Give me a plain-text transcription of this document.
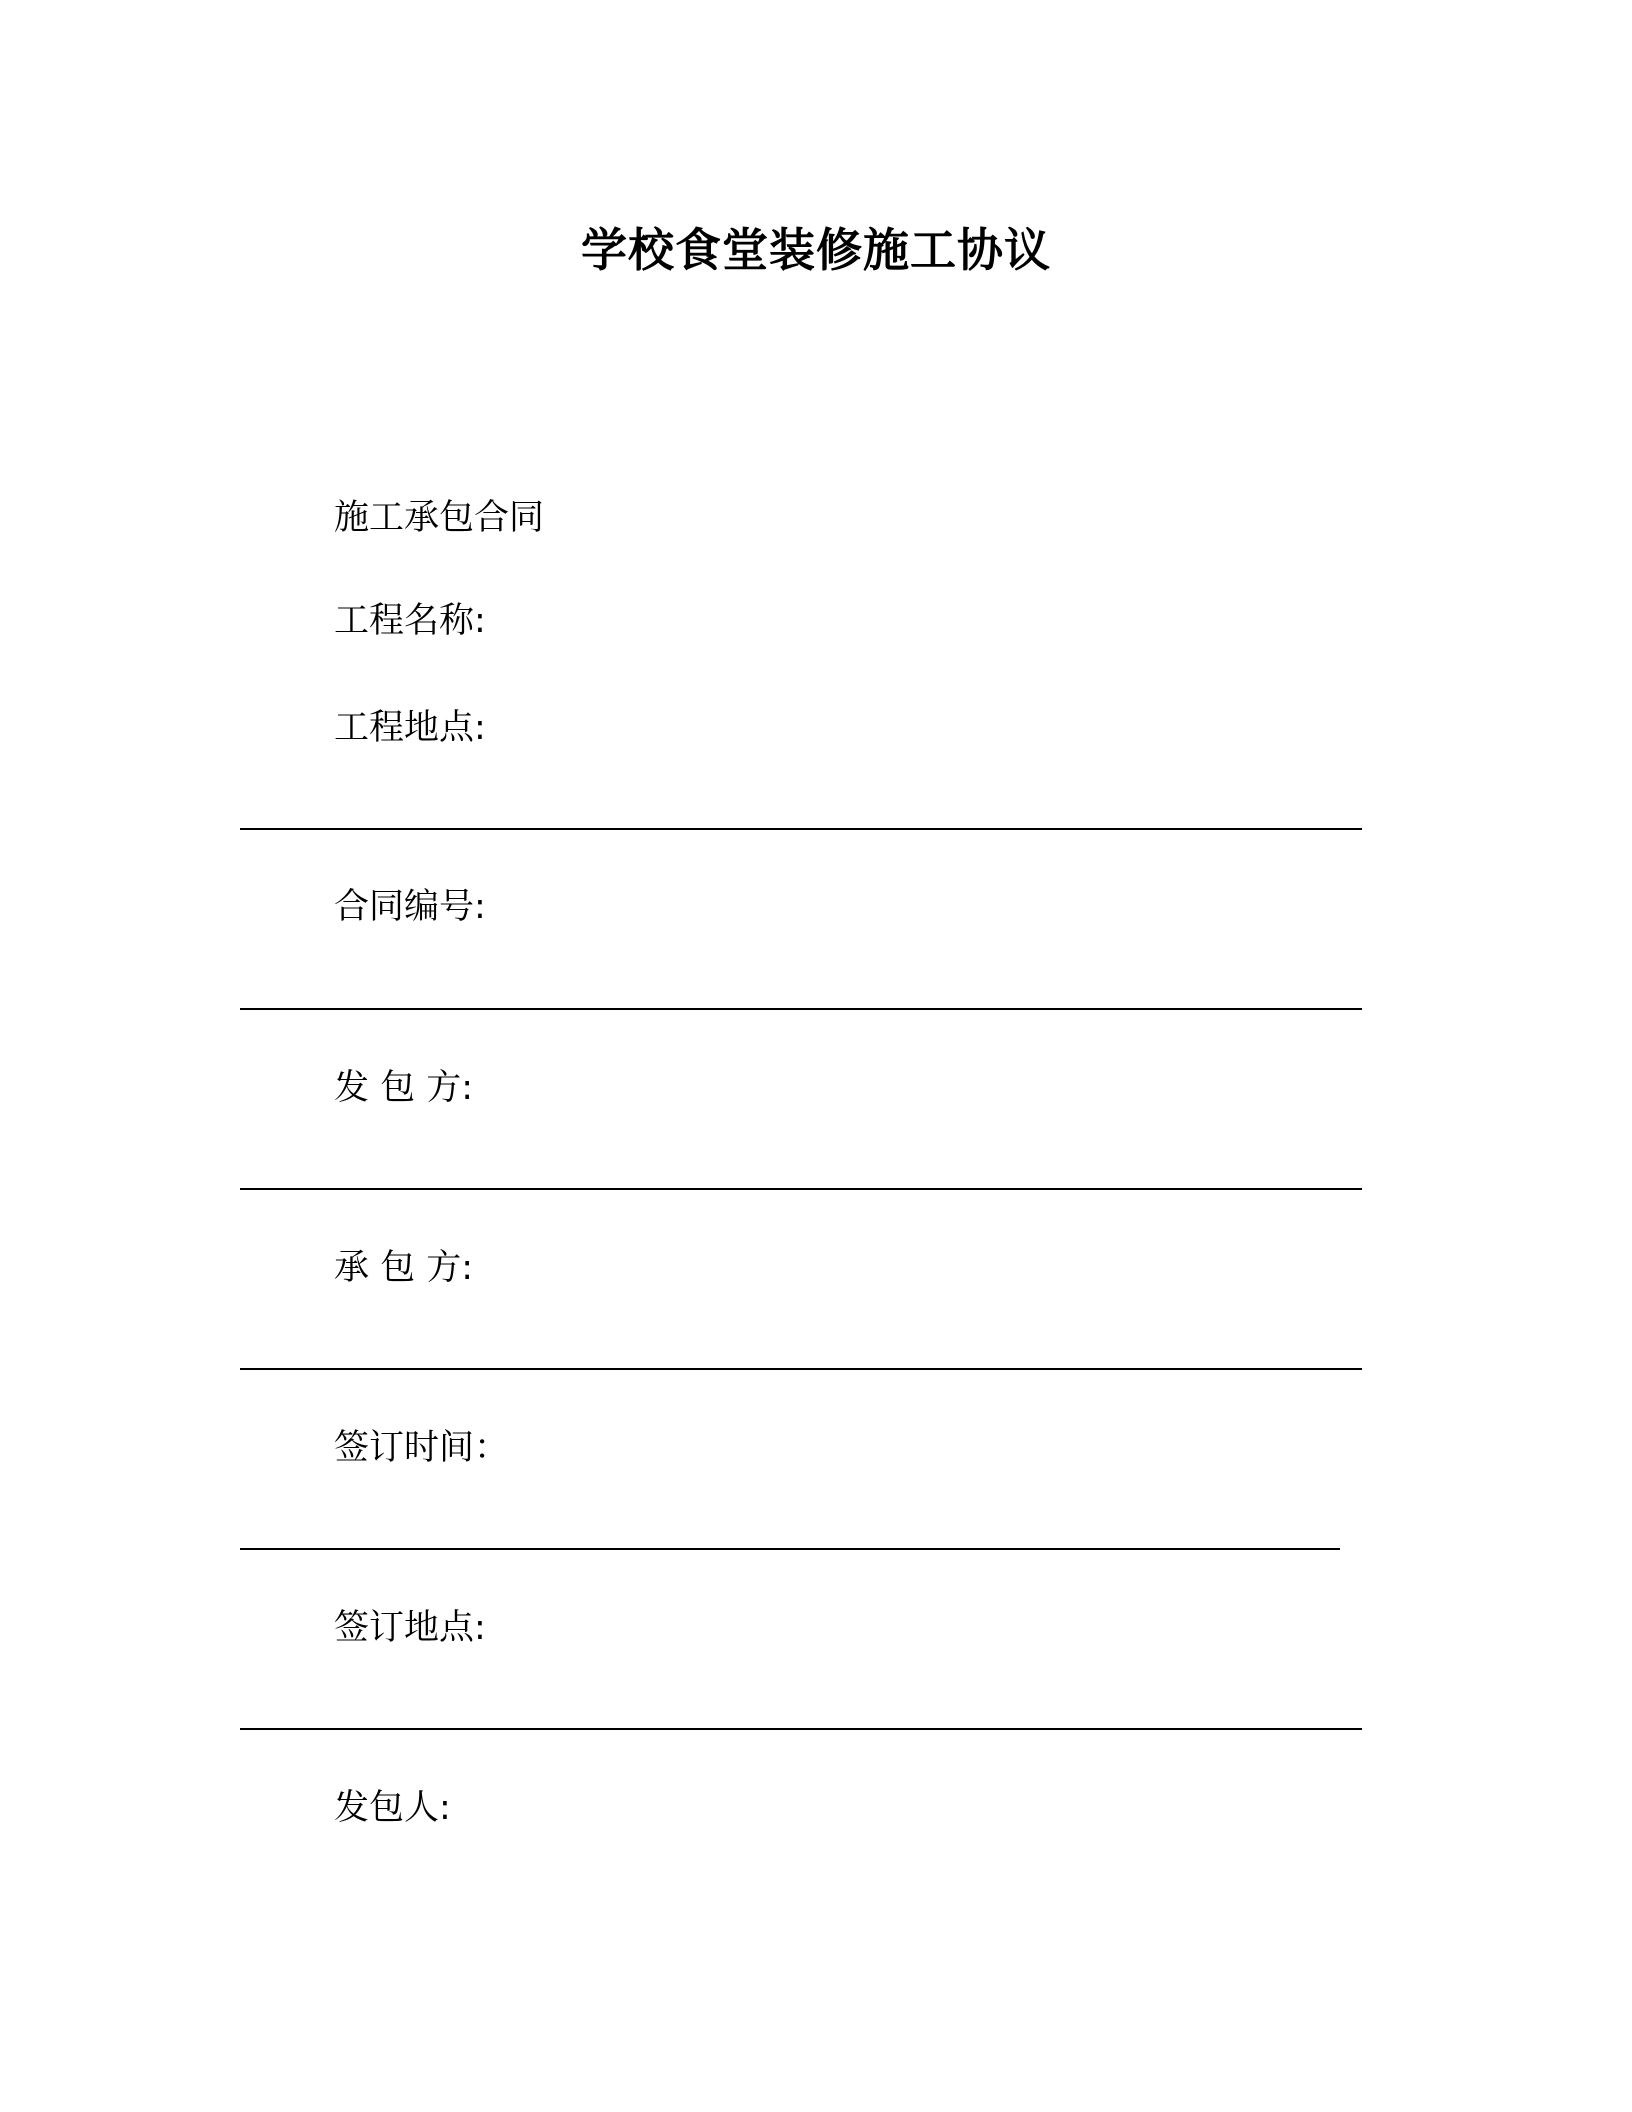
学校食堂装修施工协议
施工承包合同
工程名称:
工程地点:
合同编号:
发 包 方:
承 包 方:
签订时间：
签订地点:
发包人:
